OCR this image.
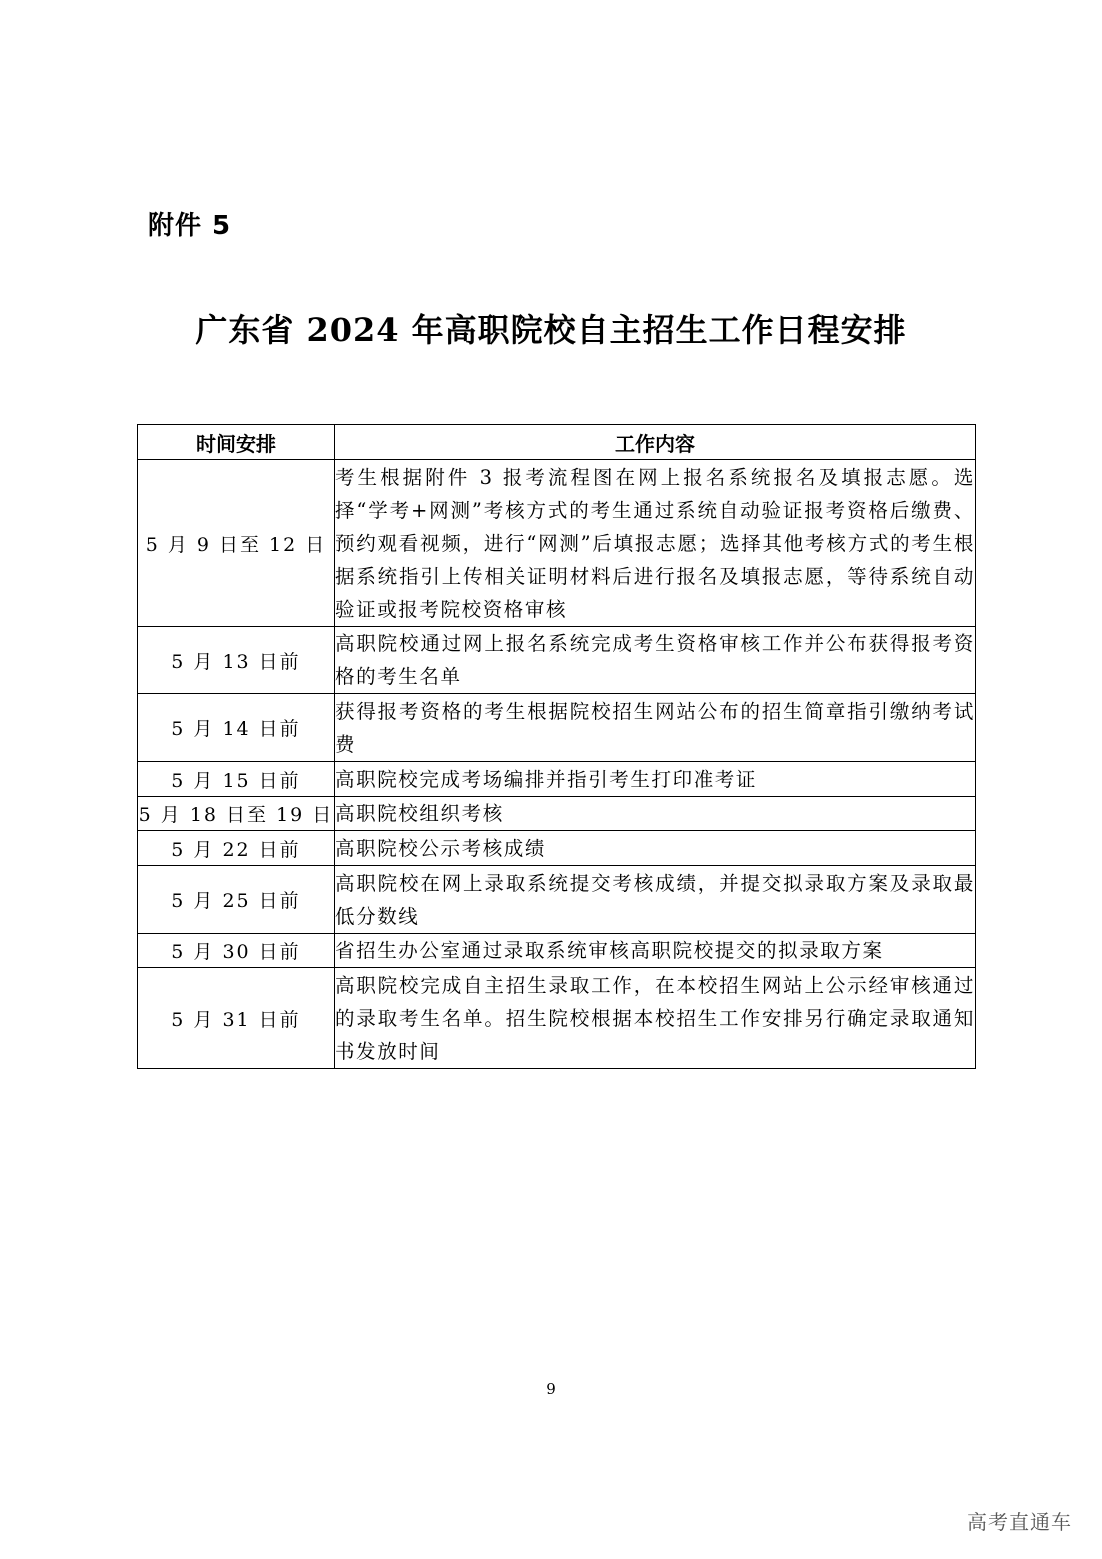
附件 5
广东省 2024 年高职院校自主招生工作日程安排
时间安排	工作内容
5 月 9 日至 12 日	考生根据附件 3 报考流程图在网上报名系统报名及填报志愿。选择“学考+网测”考核方式的考生通过系统自动验证报考资格后缴费、预约观看视频，进行“网测”后填报志愿；选择其他考核方式的考生根据系统指引上传相关证明材料后进行报名及填报志愿，等待系统自动验证或报考院校资格审核
5 月 13 日前	高职院校通过网上报名系统完成考生资格审核工作并公布获得报考资格的考生名单
5 月 14 日前	获得报考资格的考生根据院校招生网站公布的招生简章指引缴纳考试费
5 月 15 日前	高职院校完成考场编排并指引考生打印准考证
5 月 18 日至 19 日	高职院校组织考核
5 月 22 日前	高职院校公示考核成绩
5 月 25 日前	高职院校在网上录取系统提交考核成绩，并提交拟录取方案及录取最低分数线
5 月 30 日前	省招生办公室通过录取系统审核高职院校提交的拟录取方案
5 月 31 日前	高职院校完成自主招生录取工作，在本校招生网站上公示经审核通过的录取考生名单。招生院校根据本校招生工作安排另行确定录取通知书发放时间
9
高考直通车
